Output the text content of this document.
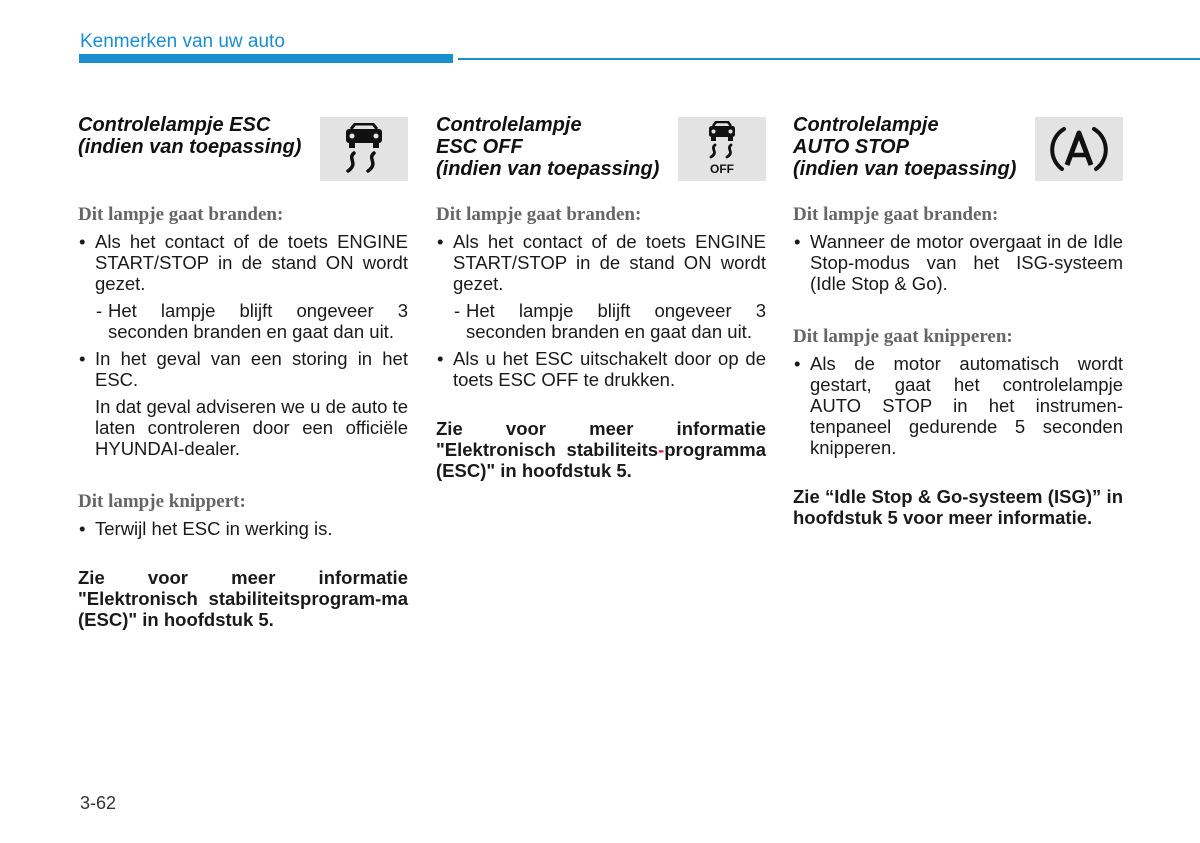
Kenmerken van uw auto
Controlelampje ESC
(indien van toepassing)
Dit lampje gaat branden:
• Als het contact of de toets ENGINE START/STOP in de stand ON wordt gezet.
- Het lampje blijft ongeveer 3 seconden branden en gaat dan uit.
• In het geval van een storing in het ESC.
In dat geval adviseren we u de auto te laten controleren door een officiële HYUNDAI-dealer.
Dit lampje knippert:
• Terwijl het ESC in werking is.
Zie voor meer informatie "Elektronisch stabiliteitsprogram-ma (ESC)" in hoofdstuk 5.
Controlelampje
ESC OFF
(indien van toepassing)	OFF
Dit lampje gaat branden:
• Als het contact of de toets ENGINE START/STOP in de stand ON wordt gezet.
- Het lampje blijft ongeveer 3 seconden branden en gaat dan uit.
• Als u het ESC uitschakelt door op de toets ESC OFF te drukken.
Zie voor meer informatie "Elektronisch stabiliteits-programma (ESC)" in hoofdstuk 5.
Controlelampje
AUTO STOP
(indien van toepassing)
Dit lampje gaat branden:
• Wanneer de motor overgaat in de Idle Stop-modus van het ISG-systeem (Idle Stop & Go).
Dit lampje gaat knipperen:
• Als de motor automatisch wordt gestart, gaat het controlelampje AUTO STOP in het instrumen-tenpaneel gedurende 5 seconden knipperen.
Zie “Idle Stop & Go-systeem (ISG)” in hoofdstuk 5 voor meer informatie.
3-62
